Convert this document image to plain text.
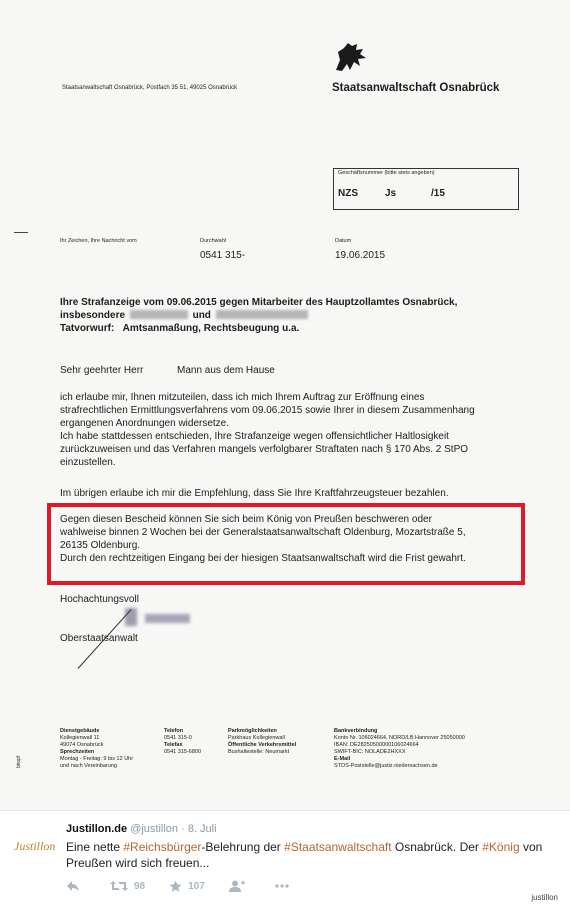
Staatsanwaltschaft Osnabrück
Staatsanwaltschaft Osnabrück, Postfach 35 51, 49025 Osnabrück
Geschäftsnummer (bitte stets angeben)
NZS	Js	/15
Ihr Zeichen, Ihre Nachricht vom	Durchwahl
0541 315-
Datum
19.06.2015
Ihre Strafanzeige vom 09.06.2015 gegen Mitarbeiter des Hauptzollamtes Osnabrück,
insbesondere	und
Tatvorwurf: Amtsanmaßung, Rechtsbeugung u.a.
Sehr geehrter Herr	Mann aus dem Hause
ich erlaube mir, Ihnen mitzuteilen, dass ich mich Ihrem Auftrag zur Eröffnung eines
strafrechtlichen Ermittlungsverfahrens vom 09.06.2015 sowie Ihrer in diesem Zusammenhang
ergangenen Anordnungen widersetze.
Ich habe stattdessen entschieden, Ihre Strafanzeige wegen offensichtlicher Haltlosigkeit
zurückzuweisen und das Verfahren mangels verfolgbarer Straftaten nach § 170 Abs. 2 StPO
einzustellen.
Im übrigen erlaube ich mir die Empfehlung, dass Sie Ihre Kraftfahrzeugsteuer bezahlen.
Gegen diesen Bescheid können Sie sich beim König von Preußen beschweren oder
wahlweise binnen 2 Wochen bei der Generalstaatsanwaltschaft Oldenburg, Mozartstraße 5,
26135 Oldenburg.
Durch den rechtzeitigen Eingang bei der hiesigen Staatsanwaltschaft wird die Frist gewahrt.
Hochachtungsvoll
Oberstaatsanwalt
Dienstgebäude
Kollegienwall 11
49074 Osnabrück
Sprechzeiten
Montag - Freitag: 9 bis 12 Uhr
und nach Vereinbarung
Telefon
0541 315-0
Telefax
0541 315-6800
Parkmöglichkeiten
Parkhaus Kollegienwall
Öffentliche Verkehrsmittel
Bushaltestelle: Neumarkt
Bankverbindung
Konto Nr. 106024664, NORD/LB Hannover 25050000
IBAN: DE28250500000106024664
SWIFT-BIC: NOLADE2HXXX
E-Mail
STOS-Poststelle@justiz.niedersachsen.de
bkopf
Justillon
Justillon.de @justillon · 8. Juli
Eine nette #Reichsbürger-Belehrung der #Staatsanwaltschaft Osnabrück. Der #König von Preußen wird sich freuen...
98	107
justillon
